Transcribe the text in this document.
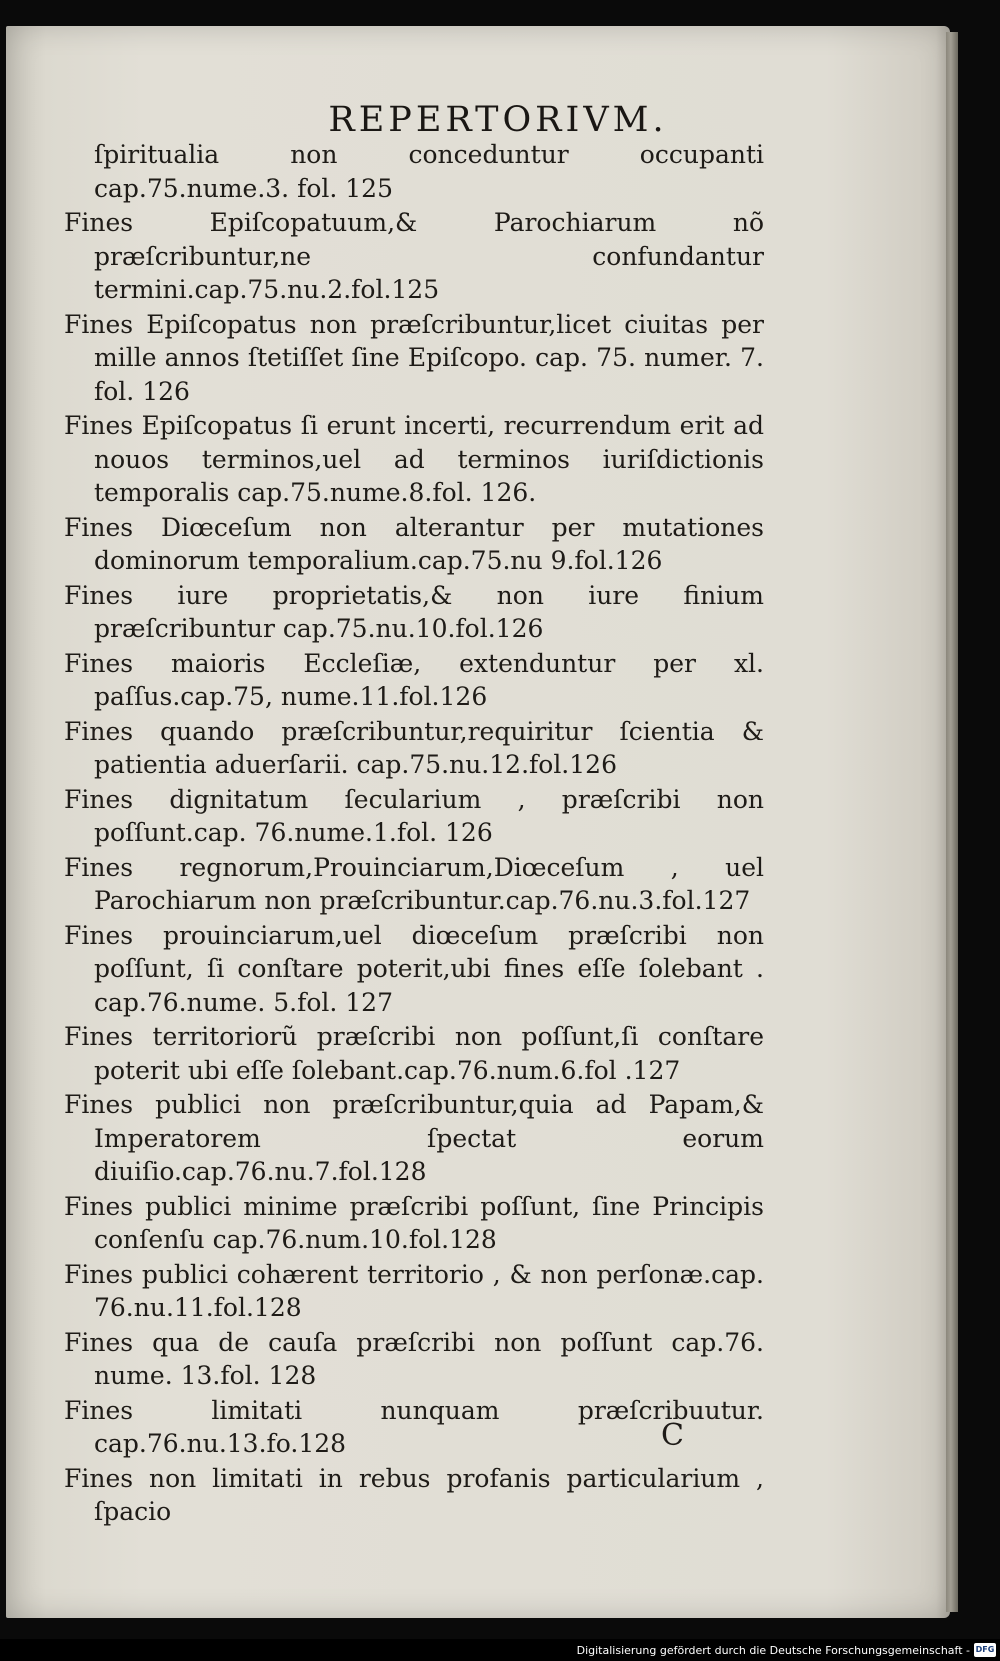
REPERTORIVM.

ſpiritualia non conceduntur occupanti cap.75.nume.3. fol. 125

Fines Epiſcopatuum,& Parochiarum nõ præſcribuntur,ne confundantur termini.cap.75.nu.2.fol.125

Fines Epiſcopatus non præſcribuntur,licet ciuitas per mille annos ſtetiſſet ſine Epiſcopo. cap. 75. numer. 7. fol. 126

Fines Epiſcopatus ſi erunt incerti, recurrendum erit ad nouos terminos,uel ad terminos iuriſdictionis temporalis cap.75.nume.8.fol. 126.

Fines Diœceſum non alterantur per mutationes dominorum temporalium.cap.75.nu 9.fol.126

Fines iure proprietatis,& non iure finium præſcribuntur cap.75.nu.10.fol.126

Fines maioris Eccleſiæ, extenduntur per xl. paſſus.cap.75, nume.11.fol.126

Fines quando præſcribuntur,requiritur ſcientia & patientia aduerſarii. cap.75.nu.12.fol.126

Fines dignitatum ſecularium , præſcribi non poſſunt.cap. 76.nume.1.fol. 126

Fines regnorum,Prouinciarum,Diœceſum , uel Parochiarum non præſcribuntur.cap.76.nu.3.fol.127

Fines prouinciarum,uel diœceſum præſcribi non poſſunt, ſi conſtare poterit,ubi fines eſſe ſolebant . cap.76.nume. 5.fol. 127

Fines territoriorũ præſcribi non poſſunt,ſi conſtare poterit ubi eſſe ſolebant.cap.76.num.6.fol .127

Fines publici non præſcribuntur,quia ad Papam,& Imperatorem ſpectat eorum diuiſio.cap.76.nu.7.fol.128

Fines publici minime præſcribi poſſunt, ſine Principis conſenſu cap.76.num.10.fol.128

Fines publici cohærent territorio , & non perſonæ.cap. 76.nu.11.fol.128

Fines qua de cauſa præſcribi non poſſunt cap.76. nume. 13.fol. 128

Fines limitati nunquam præſcribuutur. cap.76.nu.13.fo.128

Fines non limitati in rebus profanis particularium , ſpacio

C
Digitalisierung gefördert durch die Deutsche Forschungsgemeinschaft - DFG
